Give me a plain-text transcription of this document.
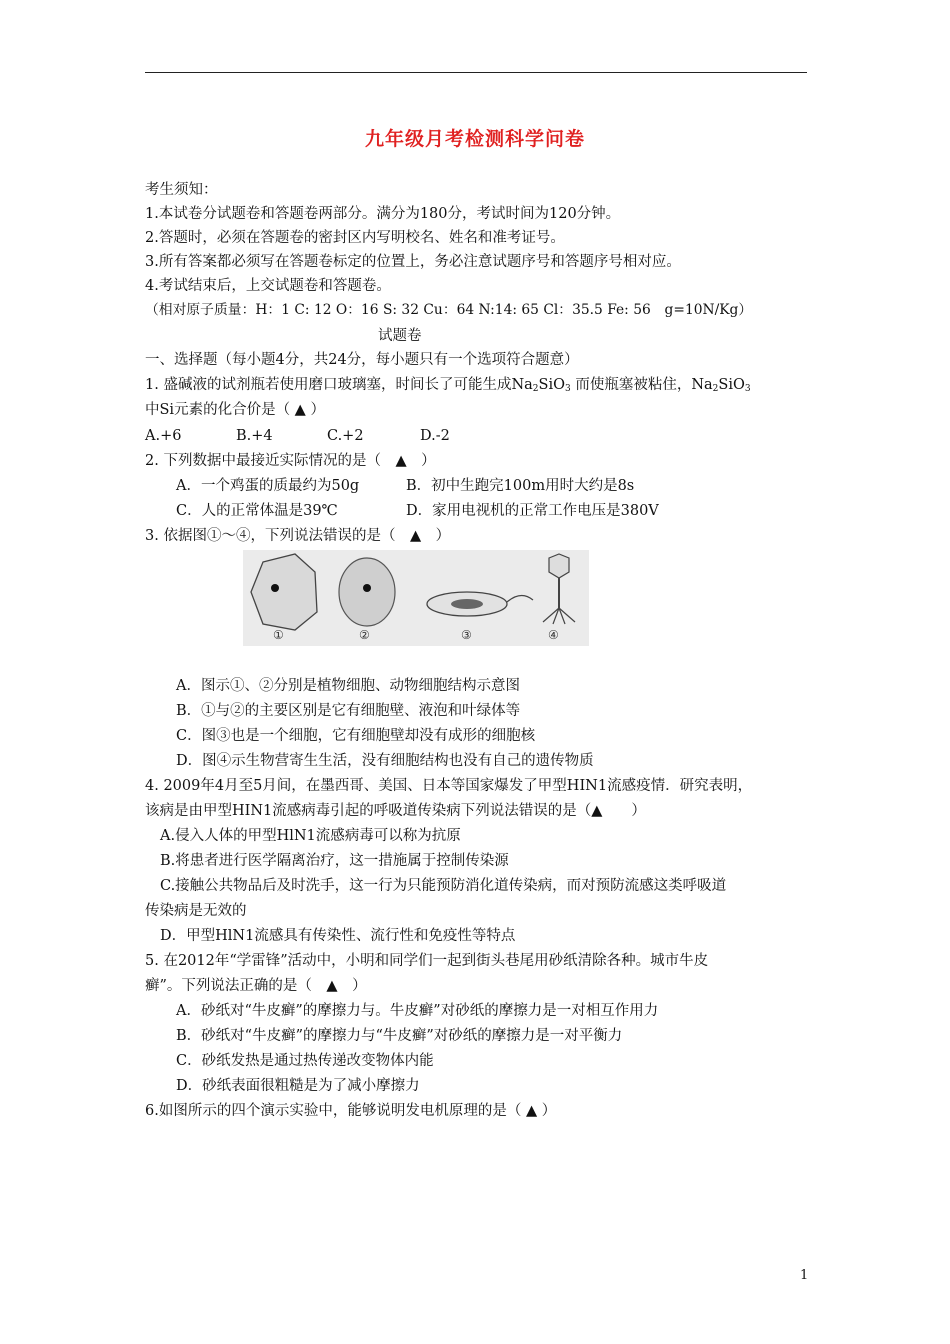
九年级月考检测科学问卷
考生须知：
1.本试卷分试题卷和答题卷两部分。满分为180分，考试时间为120分钟。
2.答题时，必须在答题卷的密封区内写明校名、姓名和准考证号。
3.所有答案都必须写在答题卷标定的位置上，务必注意试题序号和答题序号相对应。
4.考试结束后，上交试题卷和答题卷。
（相对原子质量：H：1 C: 12 O：16 S: 32 Cu：64 N:14: 65 Cl：35.5 Fe: 56　g=10N/Kg）
试题卷
一、选择题（每小题4分，共24分，每小题只有一个选项符合题意）
1. 盛碱液的试剂瓶若使用磨口玻璃塞，时间长了可能生成$Na_2SiO_3$ 而使瓶塞被粘住，$Na_2SiO_3$
中Si元素的化合价是（ ▲ ）
A.+6	B.+4	C.+2	D.-2
2. 下列数据中最接近实际情况的是（　▲　）
A．一个鸡蛋的质最约为50g	B．初中生跑完100m用时大约是8s
C．人的正常体温是39℃	D．家用电视机的正常工作电压是380V
3. 依据图①～④，下列说法错误的是（　▲　）
①	②	③	④
A．图示①、②分别是植物细胞、动物细胞结构示意图
B．①与②的主要区别是它有细胞壁、液泡和叶绿体等
C．图③也是一个细胞，它有细胞壁却没有成形的细胞核
D．图④示生物营寄生生活，没有细胞结构也没有自己的遗传物质
4. 2009年4月至5月间，在墨西哥、美国、日本等国家爆发了甲型HIN1流感疫情．研究表明，
该病是由甲型HIN1流感病毒引起的呼吸道传染病下列说法错误的是（▲　　）
A.侵入人体的甲型HlN1流感病毒可以称为抗原
B.将患者进行医学隔离治疗，这一措施属于控制传染源
C.接触公共物品后及时洗手，这一行为只能预防消化道传染病，而对预防流感这类呼吸道
传染病是无效的
D．甲型HlN1流感具有传染性、流行性和免疫性等特点
5. 在2012年“学雷锋”活动中，小明和同学们一起到街头巷尾用砂纸清除各种。城市牛皮
癣”。下列说法正确的是（　▲　）
A．砂纸对“牛皮癣”的摩擦力与。牛皮癣”对砂纸的摩擦力是一对相互作用力
B．砂纸对“牛皮癣”的摩擦力与“牛皮癣”对砂纸的摩擦力是一对平衡力
C．砂纸发热是通过热传递改变物体内能
D．砂纸表面很粗糙是为了减小摩擦力
6.如图所示的四个演示实验中，能够说明发电机原理的是（ ▲ ）
1
